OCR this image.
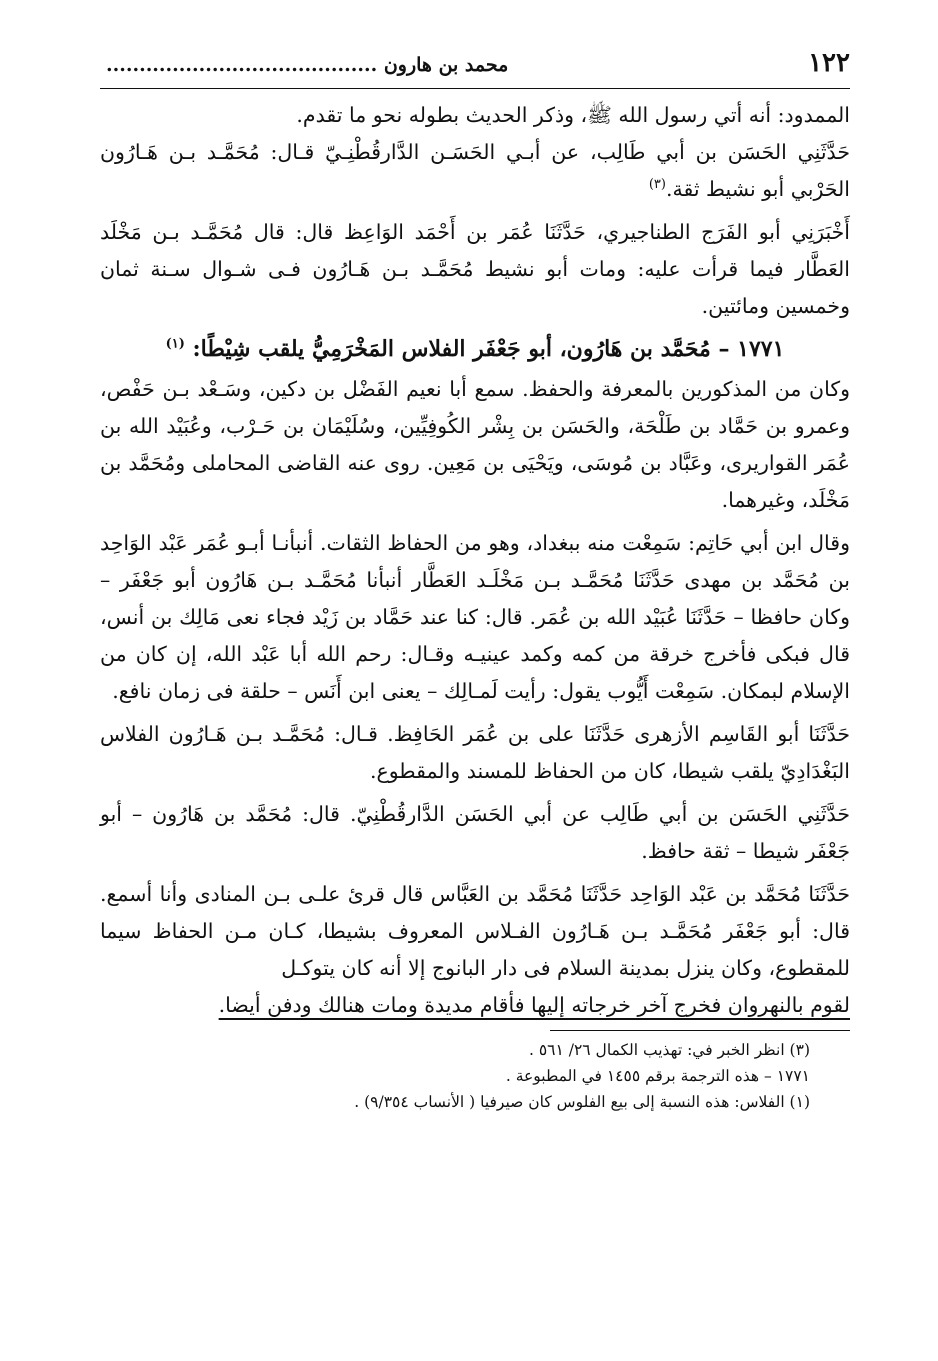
١٢٢
محمد بن هارون .........................................

الممدود: أنه أتي رسول الله ﷺ، وذكر الحديث بطوله نحو ما تقدم.

حَدَّثَنِي الحَسَن بن أبي طَالِب، عن أبـي الحَسَـن الدَّارقُطْنِـيّ قـال: مُحَمَّـد بـن هَـارُون الحَرْبي أبو نشيط ثقة.$^{(٣)}$

أَخْبَرَنِي أبو الفَرَج الطناجيري، حَدَّثَنَا عُمَر بن أَحْمَد الوَاعِظ قال: قال مُحَمَّـد بـن مَخْلَد العَطَّار فيما قرأت عليه: ومات أبو نشيط مُحَمَّـد بـن هَـارُون فـى شـوال سـنة ثمان وخمسين ومائتين.

١٧٧١ – مُحَمَّد بن هَارُون، أبو جَعْفَر الفلاس المَخْرَمِيُّ يلقب شِيْطًا: $^{(١)}$

وكان من المذكورين بالمعرفة والحفظ. سمع أبا نعيم الفَضْل بن دكين، وسَـعْد بـن حَفْص، وعمرو بن حَمَّاد بن طَلْحَة، والحَسَن بن بِشْر الكُوفِيِّين، وسُلَيْمَان بن حَـرْب، وعُبَيْد الله بن عُمَر القواريرى، وعَبَّاد بن مُوسَى، ويَحْيَى بن مَعِين. روى عنه القاضى المحاملى ومُحَمَّد بن مَخْلَد، وغيرهما.

وقال ابن أبي حَاتِم: سَمِعْت منه ببغداد، وهو من الحفاظ الثقات. أنبأنـا أبـو عُمَر عَبْد الوَاحِد بن مُحَمَّد بن مهدى حَدَّثَنَا مُحَمَّـد بـن مَخْلَـد العَطَّار أنبأنا مُحَمَّـد بـن هَارُون أبو جَعْفَر – وكان حافظا – حَدَّثَنَا عُبَيْد الله بن عُمَر. قال: كنا عند حَمَّاد بن زَيْد فجاء نعى مَالِك بن أنس، قال فبكى فأخرج خرقة من كمه وكمد عينيـه وقـال: رحم الله أبا عَبْد الله، إن كان من الإسلام لبمكان. سَمِعْت أَيُّوب يقول: رأيت لَمـالِك – يعنى ابن أَنَس – حلقة فى زمان نافع.

حَدَّثَنَا أبو القَاسِم الأزهرى حَدَّثَنَا على بن عُمَر الحَافِظ. قـال: مُحَمَّـد بـن هَـارُون الفلاس البَغْدَادِيّ يلقب شيطا، كان من الحفاظ للمسند والمقطوع.

حَدَّثَنِي الحَسَن بن أبي طَالِب عن أبي الحَسَن الدَّارقُطْنِيّ. قال: مُحَمَّد بن هَارُون – أبو جَعْفَر شيطا – ثقة حافظ.

حَدَّثَنَا مُحَمَّد بن عَبْد الوَاحِد حَدَّثَنَا مُحَمَّد بن العَبَّاس قال قرئ علـى بـن المنادى وأنا أسمع. قال: أبو جَعْفَر مُحَمَّـد بـن هَـارُون الفـلاس المعروف بشيطا، كـان مـن الحفاظ سيما للمقطوع، وكان ينزل بمدينة السلام فى دار البانوج إلا أنه كان يتوكـل

لقوم بالنهروان فخرج آخر خرجاته إليها فأقام مديدة ومات هنالك ودفن أيضا.

(٣) انظر الخبر في: تهذيب الكمال ٢٦/ ٥٦١ .

١٧٧١ – هذه الترجمة برقم ١٤٥٥ في المطبوعة .

(١) الفلاس: هذه النسبة إلى بيع الفلوس كان صيرفيا ( الأنساب ٩/٣٥٤) .
